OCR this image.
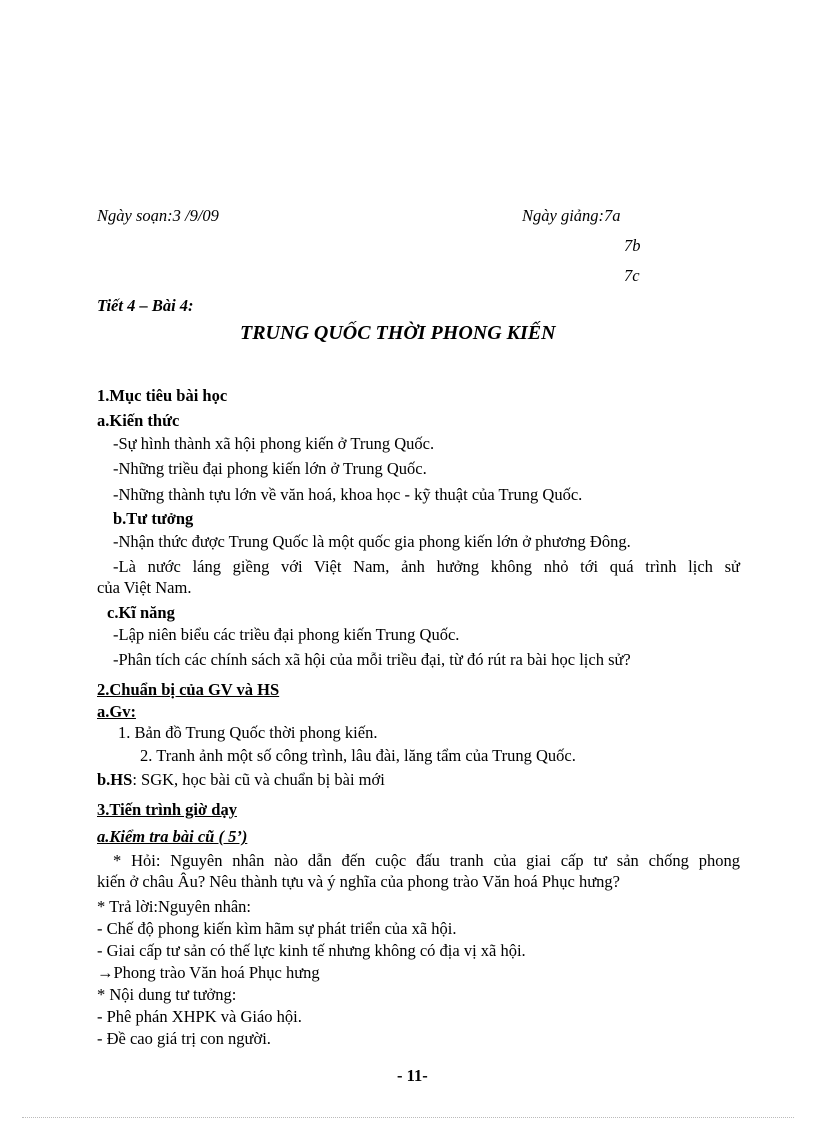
Ngày soạn:3 /9/09	Ngày giảng:7a
7b
7c
Tiết 4 – Bài 4:
TRUNG QUỐC THỜI PHONG KIẾN
1.Mục tiêu bài học
a.Kiến thức
-Sự hình thành xã hội phong kiến ở Trung Quốc.
-Những triều đại phong kiến lớn ở Trung Quốc.
-Những thành tựu lớn về văn hoá, khoa học - kỹ thuật của Trung Quốc.
b.Tư tưởng
-Nhận thức được Trung Quốc là một quốc gia phong kiến lớn ở phương Đông.
-Là nước láng giềng với Việt Nam, ảnh hưởng không nhỏ tới quá trình lịch sử
của Việt Nam.
c.Kĩ năng
-Lập niên biểu các triều đại phong kiến Trung Quốc.
-Phân tích các chính sách xã hội của mỗi triều đại, từ đó rút ra bài học lịch sử?
2.Chuẩn bị của GV và HS
a.Gv:
1. Bản đồ Trung Quốc thời phong kiến.
2. Tranh ảnh một số công trình, lâu đài, lăng tẩm của Trung Quốc.
b.HS: SGK, học bài cũ và chuẩn bị bài mới
3.Tiến trình giờ dạy
a.Kiểm tra bài cũ ( 5’)
* Hỏi: Nguyên nhân nào dẫn đến cuộc đấu tranh của giai cấp tư sản chống phong
kiến ở châu Âu? Nêu thành tựu và ý nghĩa của phong trào Văn hoá Phục hưng?
* Trả lời:Nguyên nhân:
- Chế độ phong kiến kìm hãm sự phát triển của xã hội.
- Giai cấp tư sản có thế lực kinh tế nhưng không có địa vị xã hội.
→Phong trào Văn hoá Phục hưng
* Nội dung tư tưởng:
- Phê phán XHPK và Giáo hội.
- Đề cao giá trị con người.
- 11-
